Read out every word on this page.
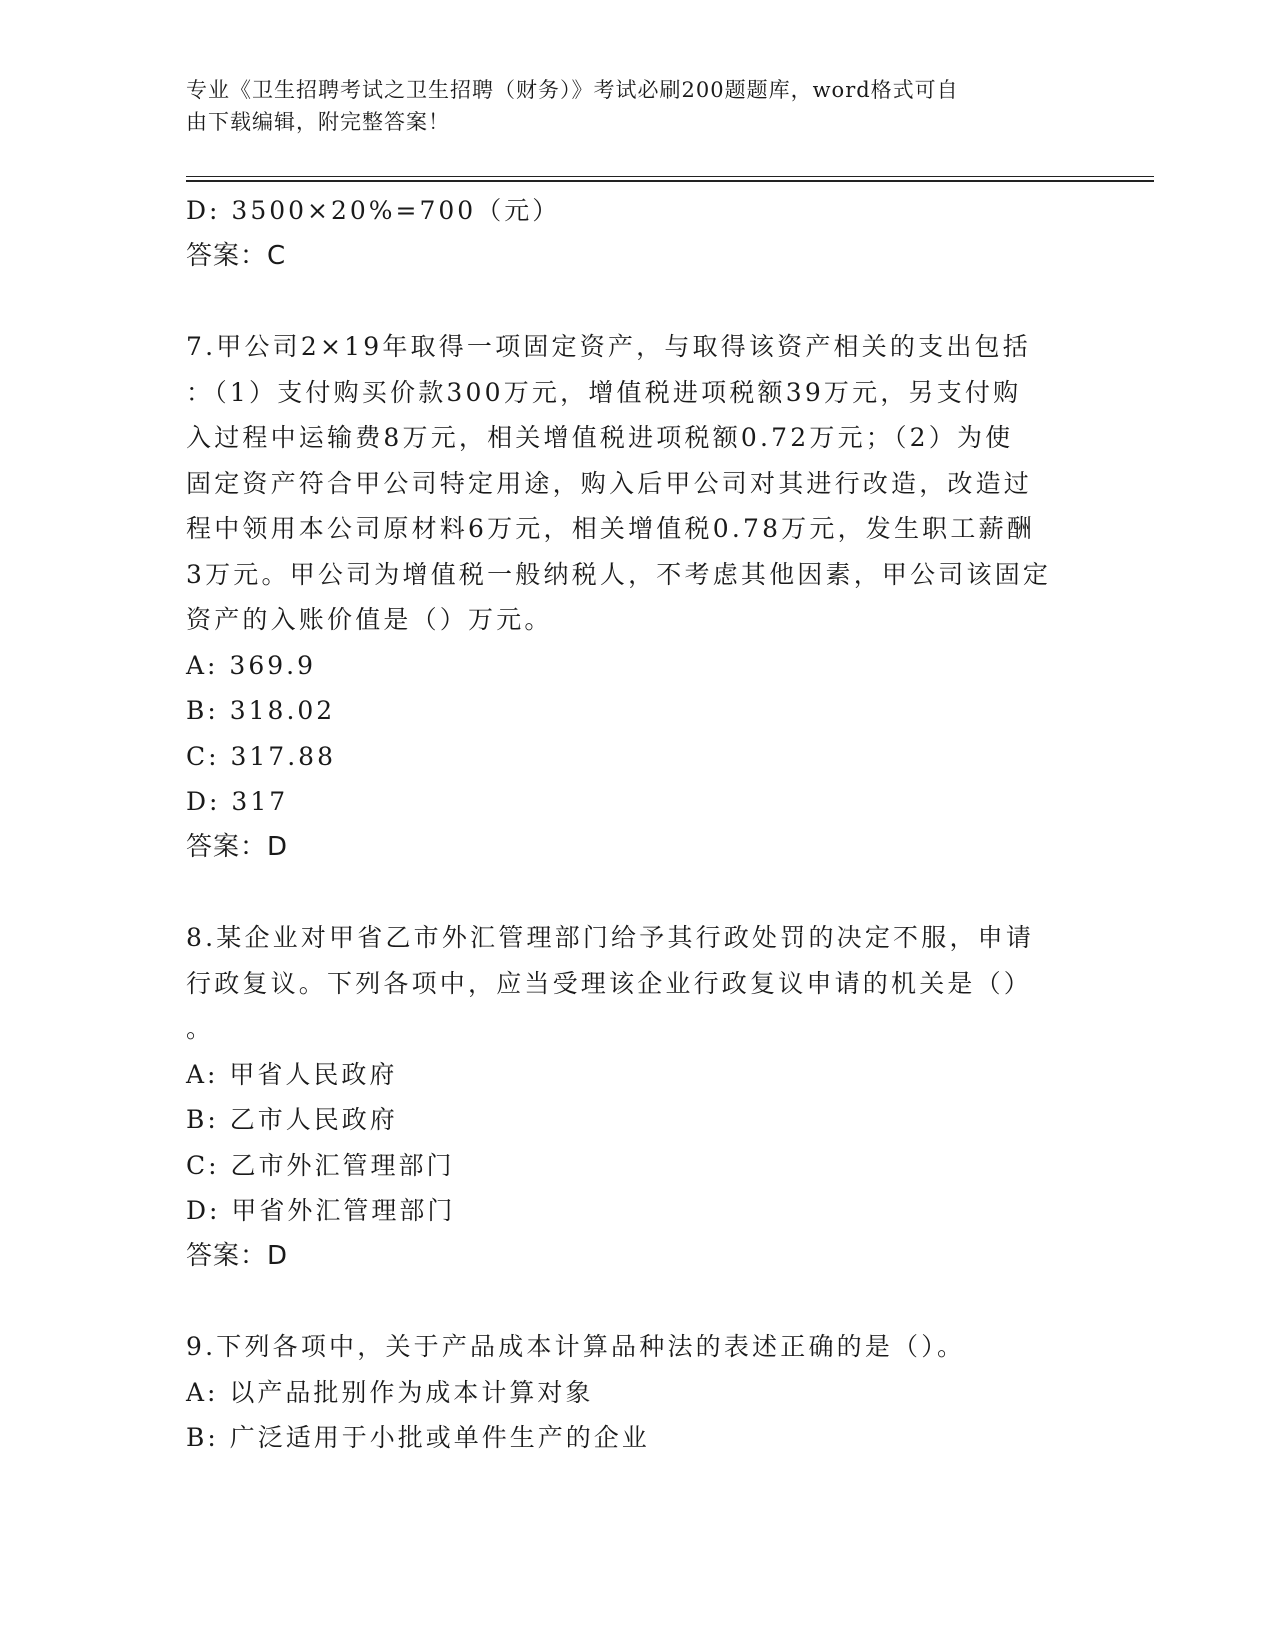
专业《卫生招聘考试之卫生招聘（财务）》考试必刷200题题库，word格式可自
由下载编辑，附完整答案！
D: 3500×20%=700（元）
答案：C
7.甲公司2×19年取得一项固定资产，与取得该资产相关的支出包括
：（1）支付购买价款300万元，增值税进项税额39万元，另支付购
入过程中运输费8万元，相关增值税进项税额0.72万元；（2）为使
固定资产符合甲公司特定用途，购入后甲公司对其进行改造，改造过
程中领用本公司原材料6万元，相关增值税0.78万元，发生职工薪酬
3万元。甲公司为增值税一般纳税人，不考虑其他因素，甲公司该固定
资产的入账价值是（）万元。
A: 369.9
B: 318.02
C: 317.88
D: 317
答案：D
8.某企业对甲省乙市外汇管理部门给予其行政处罚的决定不服，申请
行政复议。下列各项中，应当受理该企业行政复议申请的机关是（）
。
A: 甲省人民政府
B: 乙市人民政府
C: 乙市外汇管理部门
D: 甲省外汇管理部门
答案：D
9.下列各项中，关于产品成本计算品种法的表述正确的是（）。
A: 以产品批别作为成本计算对象
B: 广泛适用于小批或单件生产的企业
